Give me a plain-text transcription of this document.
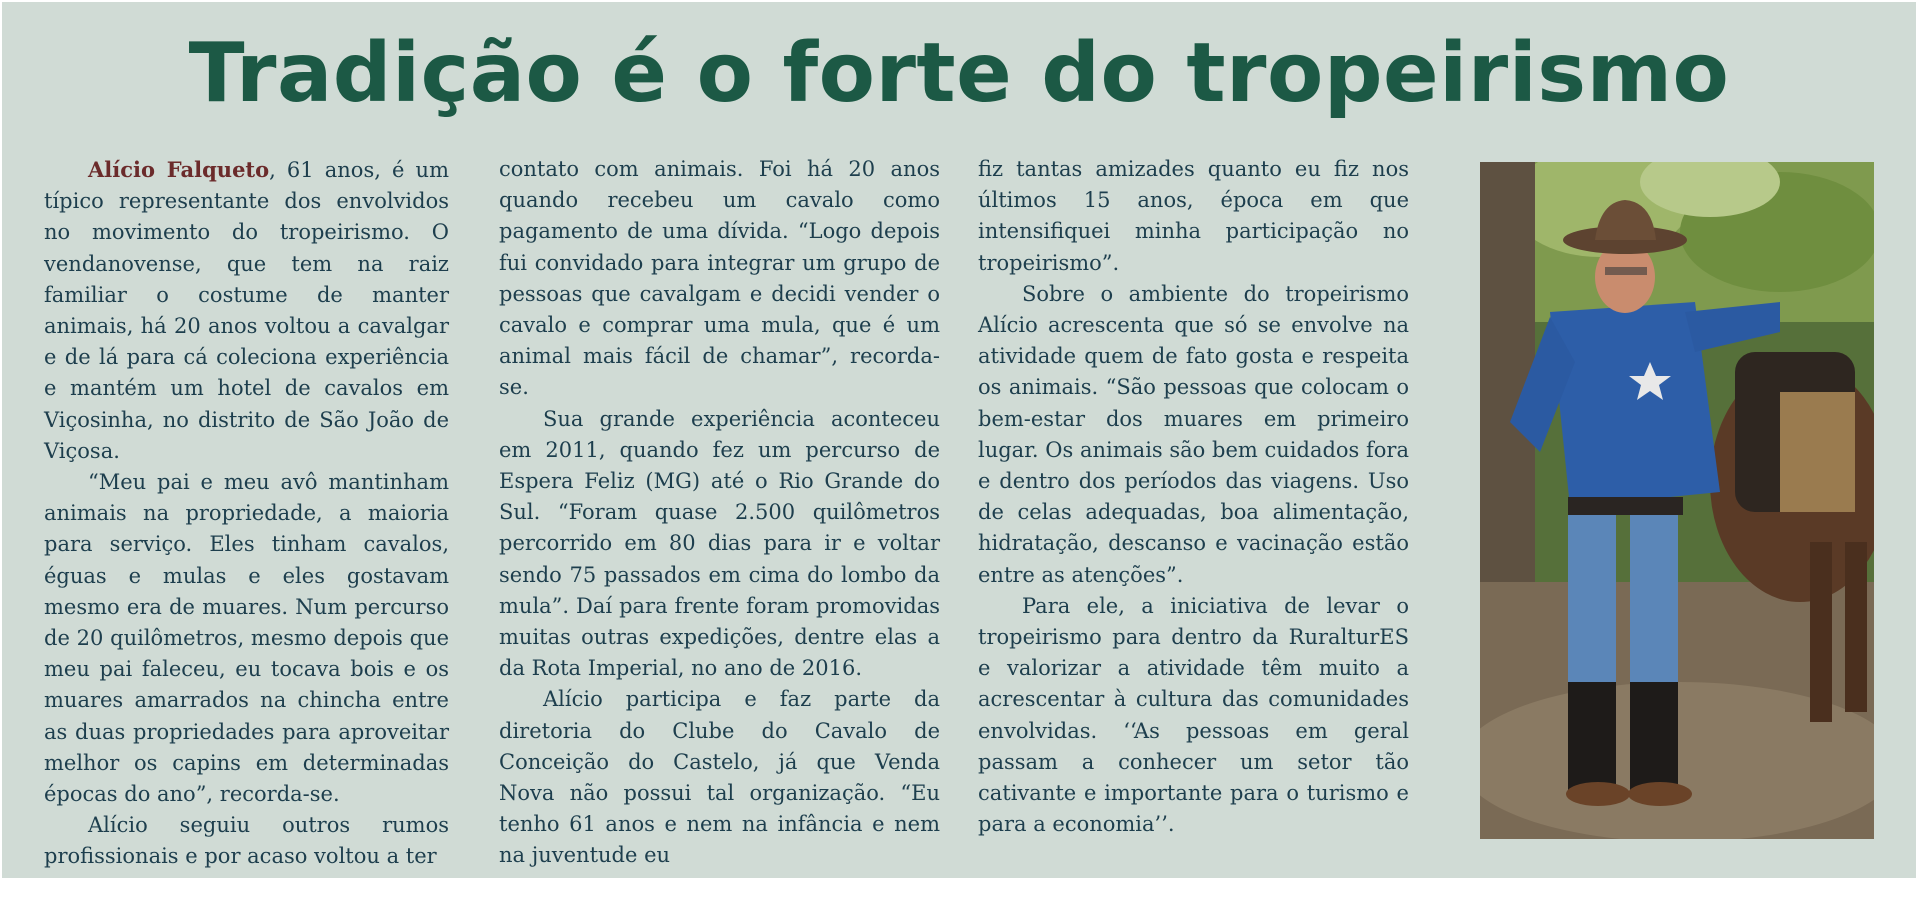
Tradição é o forte do tropeirismo

Alício Falqueto, 61 anos, é um típico representante dos envolvidos no movimento do tropeirismo. O vendanovense, que tem na raiz familiar o costume de manter animais, há 20 anos voltou a cavalgar e de lá para cá coleciona experiência e mantém um hotel de cavalos em Viçosinha, no distrito de São João de Viçosa.

“Meu pai e meu avô mantinham animais na propriedade, a maioria para serviço. Eles tinham cavalos, éguas e mulas e eles gostavam mesmo era de muares. Num percurso de 20 quilômetros, mesmo depois que meu pai faleceu, eu tocava bois e os muares amarrados na chincha entre as duas propriedades para aproveitar melhor os capins em determinadas épocas do ano”, recorda-se.

Alício seguiu outros rumos profissionais e por acaso voltou a ter

contato com animais. Foi há 20 anos quando recebeu um cavalo como pagamento de uma dívida. “Logo depois fui convidado para integrar um grupo de pessoas que cavalgam e decidi vender o cavalo e comprar uma mula, que é um animal mais fácil de chamar”, recorda-se.

Sua grande experiência aconteceu em 2011, quando fez um percurso de Espera Feliz (MG) até o Rio Grande do Sul. “Foram quase 2.500 quilômetros percorrido em 80 dias para ir e voltar sendo 75 passados em cima do lombo da mula”. Daí para frente foram promovidas muitas outras expedições, dentre elas a da Rota Imperial, no ano de 2016.

Alício participa e faz parte da diretoria do Clube do Cavalo de Conceição do Castelo, já que Venda Nova não possui tal organização. “Eu tenho 61 anos e nem na infância e nem na juventude eu

fiz tantas amizades quanto eu fiz nos últimos 15 anos, época em que intensifiquei minha participação no tropeirismo”.

Sobre o ambiente do tropeirismo Alício acrescenta que só se envolve na atividade quem de fato gosta e respeita os animais. “São pessoas que colocam o bem-estar dos muares em primeiro lugar. Os animais são bem cuidados fora e dentro dos períodos das viagens. Uso de celas adequadas, boa alimentação, hidratação, descanso e vacinação estão entre as atenções”.

Para ele, a iniciativa de levar o tropeirismo para dentro da RuralturES e valorizar a atividade têm muito a acrescentar à cultura das comunidades envolvidas. ‘‘As pessoas em geral passam a conhecer um setor tão cativante e importante para o turismo e para a economia’’.
